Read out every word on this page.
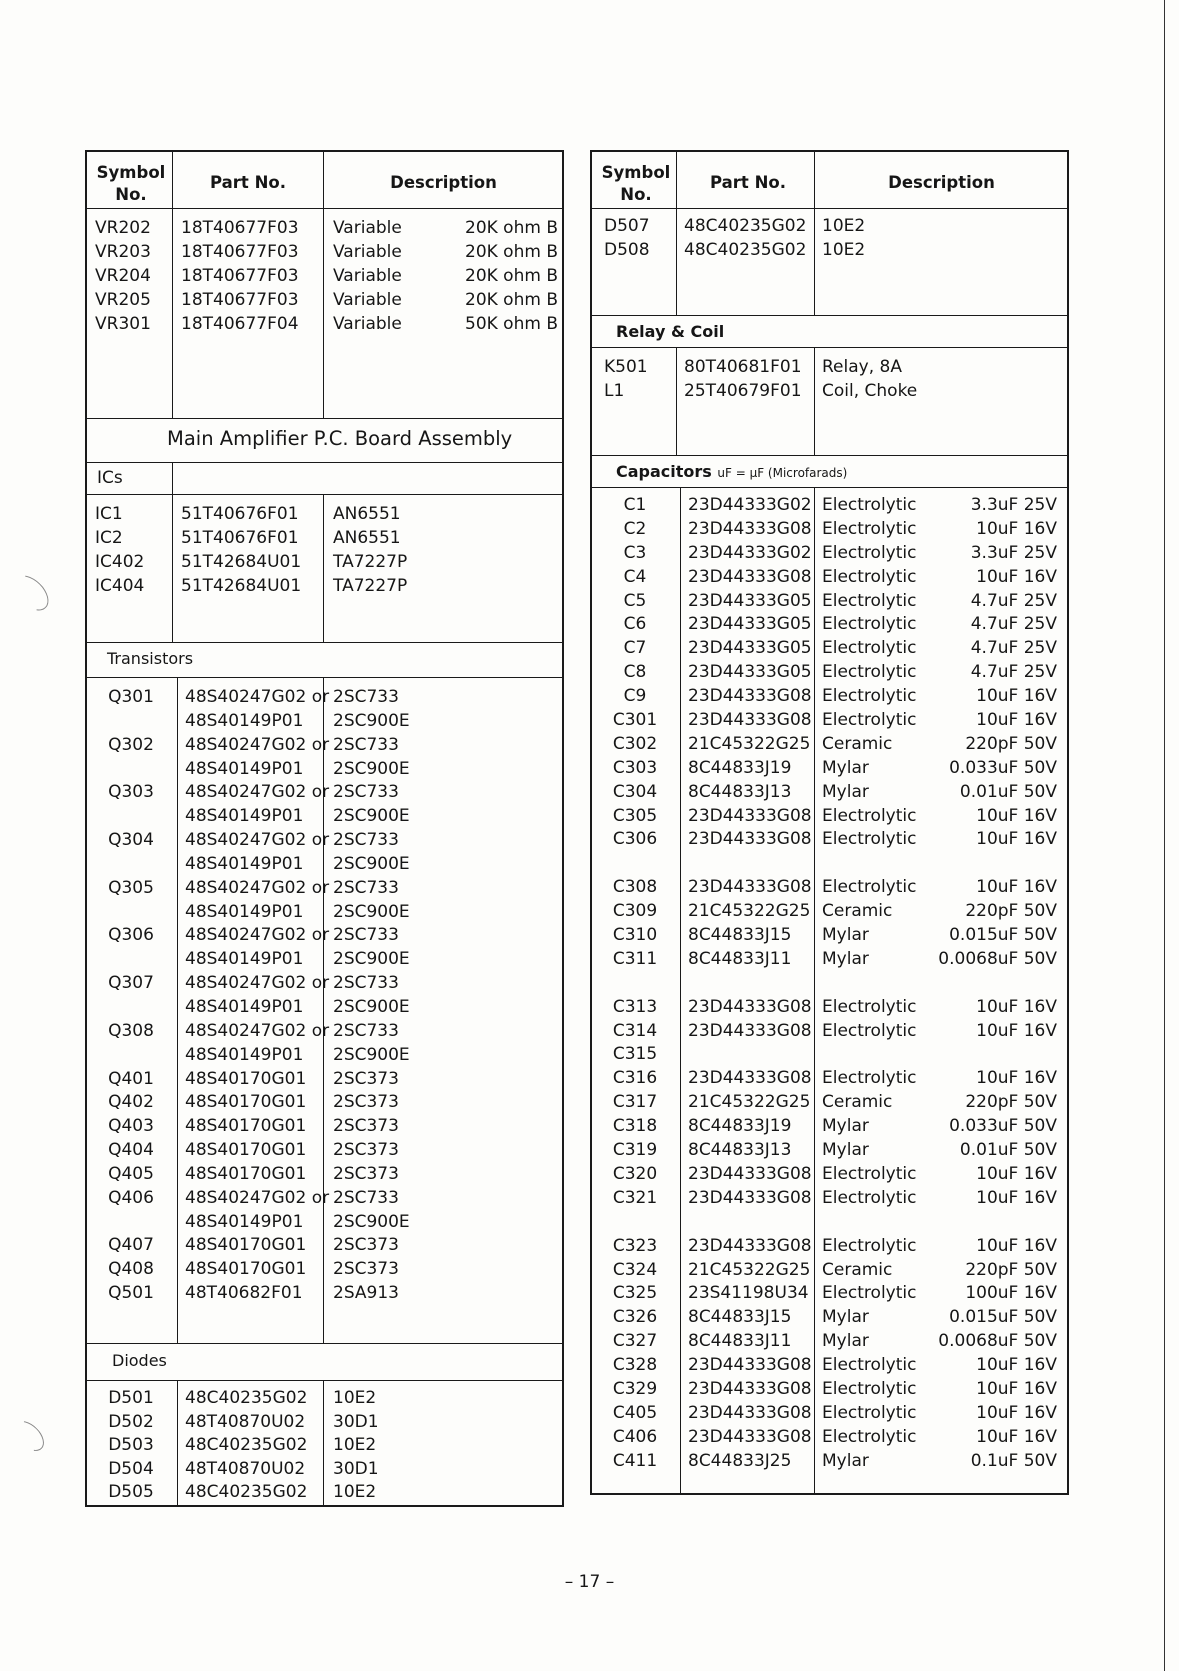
Symbol No.
Part No.	Description
VR202 18T40677F03 Variable	20K ohm B
VR203 18T40677F03 Variable	20K ohm B
VR204 18T40677F03 Variable	20K ohm B
VR205 18T40677F03 Variable	20K ohm B
VR301 18T40677F04 Variable	50K ohm B
Main Amplifier P.C. Board Assembly
ICs
IC1	51T40676F01 AN6551
IC2	51T40676F01 AN6551
IC402 51T42684U01 TA7227P
IC404 51T42684U01 TA7227P
Transistors
Q301	48S40247G02 or 2SC733
48S40149P01 2SC900E
Q302	48S40247G02 or 2SC733
48S40149P01 2SC900E
Q303	48S40247G02 or 2SC733
48S40149P01 2SC900E
Q304	48S40247G02 or 2SC733
48S40149P01 2SC900E
Q305	48S40247G02 or 2SC733
48S40149P01 2SC900E
Q306	48S40247G02 or 2SC733
48S40149P01 2SC900E
Q307	48S40247G02 or 2SC733
48S40149P01 2SC900E
Q308	48S40247G02 or 2SC733
48S40149P01 2SC900E
Q401	48S40170G01 2SC373
Q402	48S40170G01 2SC373
Q403	48S40170G01 2SC373
Q404	48S40170G01 2SC373
Q405	48S40170G01 2SC373
Q406	48S40247G02 or 2SC733
48S40149P01 2SC900E
Q407	48S40170G01 2SC373
Q408	48S40170G01 2SC373
Q501	48T40682F01 2SA913
Diodes
D501	48C40235G02 10E2
D502	48T40870U02 30D1
D503	48C40235G02 10E2
D504	48T40870U02 30D1
D505	48C40235G02 10E2
Symbol No.
Part No.	Description
D507 48C40235G02 10E2
D508 48C40235G02 10E2
Relay & Coil
K501 80T40681F01 Relay, 8A
L1	25T40679F01 Coil, Choke
Capacitors uF = μF (Microfarads)
C1	23D44333G02 Electrolytic	3.3uF 25V
C2	23D44333G08 Electrolytic	10uF 16V
C3	23D44333G02 Electrolytic	3.3uF 25V
C4	23D44333G08 Electrolytic	10uF 16V
C5	23D44333G05 Electrolytic	4.7uF 25V
C6	23D44333G05 Electrolytic	4.7uF 25V
C7	23D44333G05 Electrolytic	4.7uF 25V
C8	23D44333G05 Electrolytic	4.7uF 25V
C9	23D44333G08 Electrolytic	10uF 16V
C301	23D44333G08 Electrolytic	10uF 16V
C302	21C45322G25 Ceramic	220pF 50V
C303	8C44833J19 Mylar	0.033uF 50V
C304	8C44833J13 Mylar	0.01uF 50V
C305	23D44333G08 Electrolytic	10uF 16V
C306	23D44333G08 Electrolytic	10uF 16V
C308	23D44333G08 Electrolytic	10uF 16V
C309	21C45322G25 Ceramic	220pF 50V
C310	8C44833J15 Mylar	0.015uF 50V
C311	8C44833J11 Mylar	0.0068uF 50V
C313	23D44333G08 Electrolytic	10uF 16V
C314	23D44333G08 Electrolytic	10uF 16V
C315
C316	23D44333G08 Electrolytic	10uF 16V
C317	21C45322G25 Ceramic	220pF 50V
C318	8C44833J19 Mylar	0.033uF 50V
C319	8C44833J13 Mylar	0.01uF 50V
C320	23D44333G08 Electrolytic	10uF 16V
C321	23D44333G08 Electrolytic	10uF 16V
C323	23D44333G08 Electrolytic	10uF 16V
C324	21C45322G25 Ceramic	220pF 50V
C325	23S41198U34 Electrolytic	100uF 16V
C326	8C44833J15 Mylar	0.015uF 50V
C327	8C44833J11 Mylar	0.0068uF 50V
C328	23D44333G08 Electrolytic	10uF 16V
C329	23D44333G08 Electrolytic	10uF 16V
C405	23D44333G08 Electrolytic	10uF 16V
C406	23D44333G08 Electrolytic	10uF 16V
C411	8C44833J25 Mylar	0.1uF 50V
– 17 –
